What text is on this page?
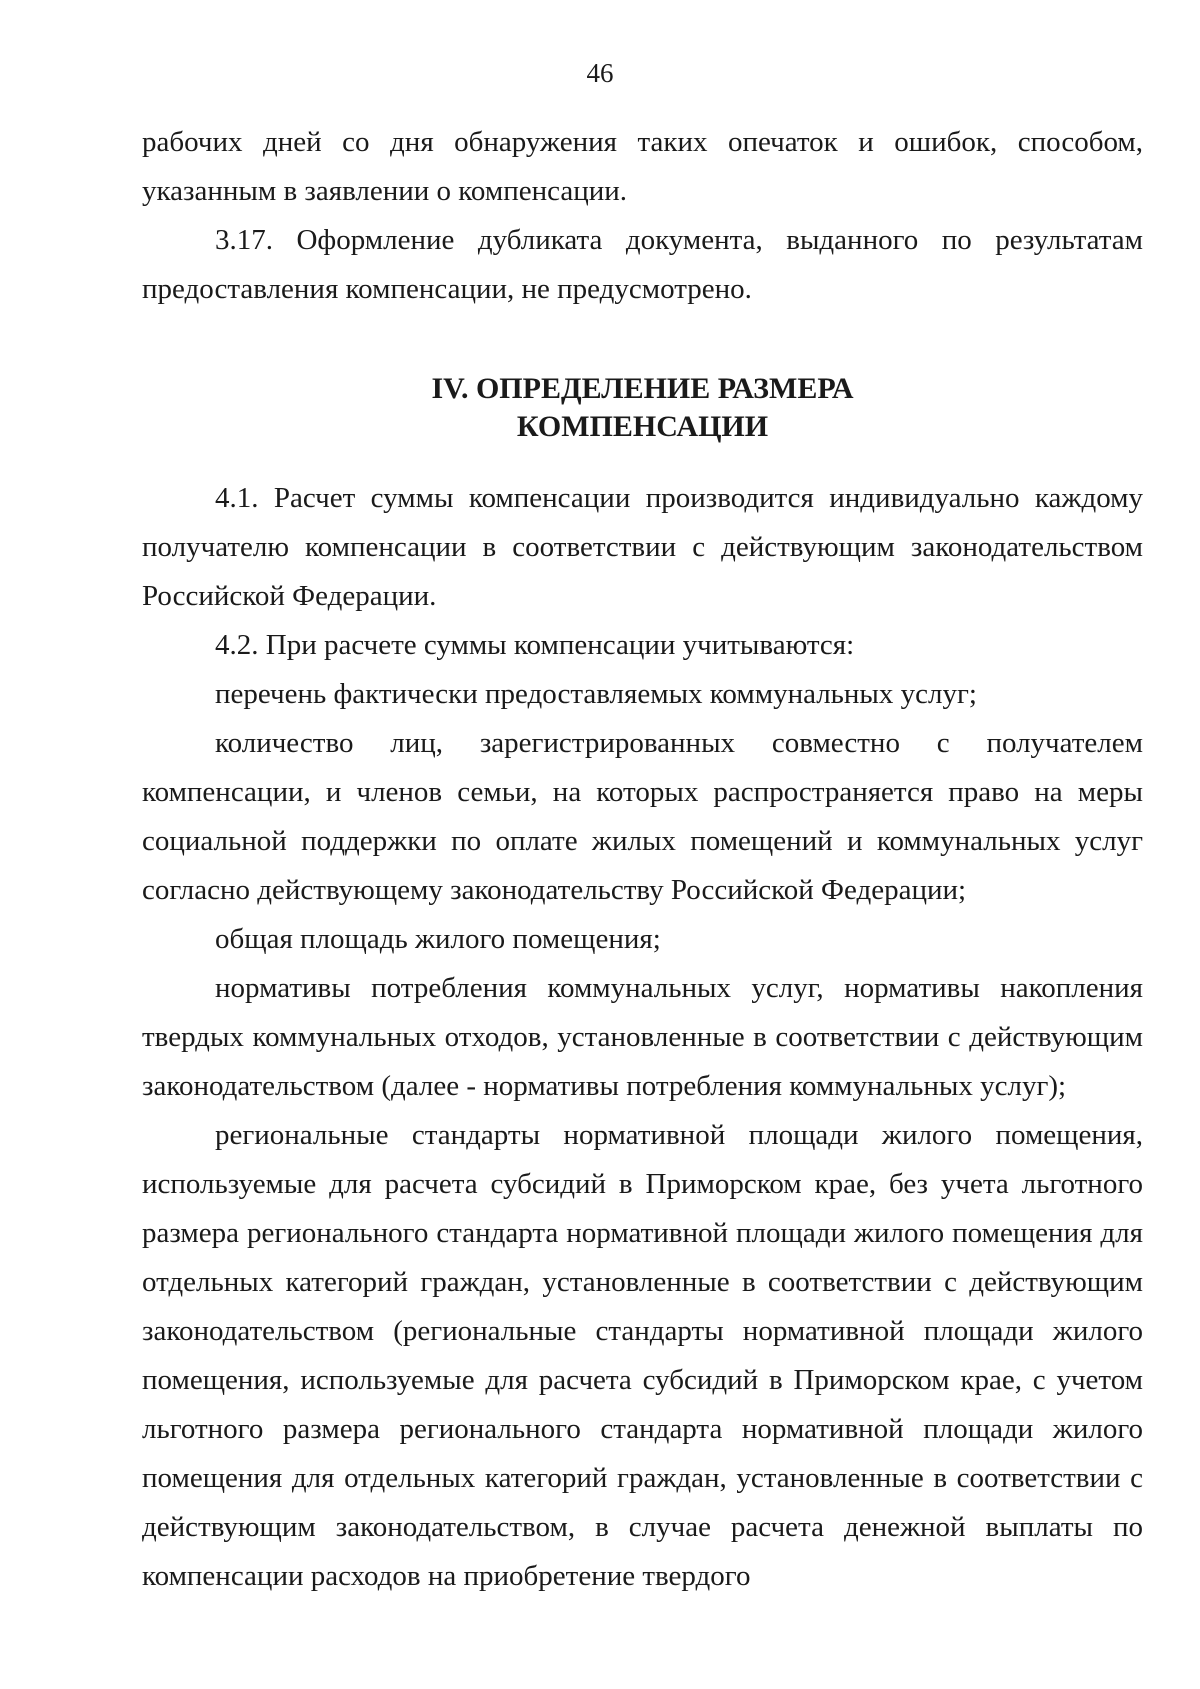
46

рабочих дней со дня обнаружения таких опечаток и ошибок, способом, указанным в заявлении о компенсации.

3.17. Оформление дубликата документа, выданного по результатам предоставления компенсации, не предусмотрено.

IV. ОПРЕДЕЛЕНИЕ РАЗМЕРА

КОМПЕНСАЦИИ

4.1. Расчет суммы компенсации производится индивидуально каждому получателю компенсации в соответствии с действующим законодательством Российской Федерации.

4.2. При расчете суммы компенсации учитываются:

перечень фактически предоставляемых коммунальных услуг;

количество лиц, зарегистрированных совместно с получателем компенсации, и членов семьи, на которых распространяется право на меры социальной поддержки по оплате жилых помещений и коммунальных услуг согласно действующему законодательству Российской Федерации;

общая площадь жилого помещения;

нормативы потребления коммунальных услуг, нормативы накопления твердых коммунальных отходов, установленные в соответствии с действующим законодательством (далее - нормативы потребления коммунальных услуг);

региональные стандарты нормативной площади жилого помещения, используемые для расчета субсидий в Приморском крае, без учета льготного размера регионального стандарта нормативной площади жилого помещения для отдельных категорий граждан, установленные в соответствии с действующим законодательством (региональные стандарты нормативной площади жилого помещения, используемые для расчета субсидий в Приморском крае, с учетом льготного размера регионального стандарта нормативной площади жилого помещения для отдельных категорий граждан, установленные в соответствии с действующим законодательством, в случае расчета денежной выплаты по компенсации расходов на приобретение твердого
